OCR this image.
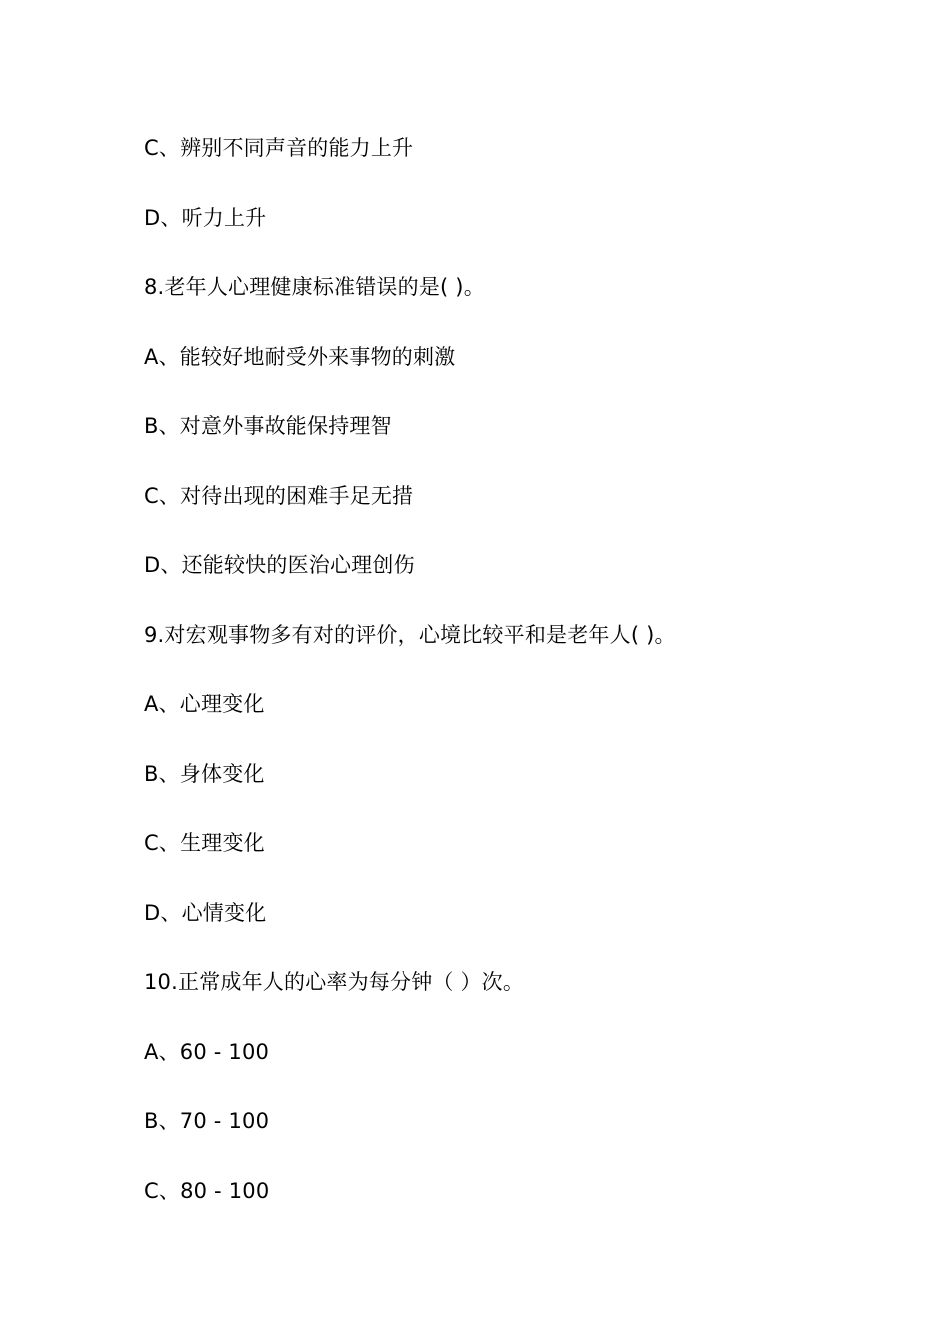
C、辨别不同声音的能力上升
D、听力上升
8.老年人心理健康标准错误的是( )。
A、能较好地耐受外来事物的刺激
B、对意外事故能保持理智
C、对待出现的困难手足无措
D、还能较快的医治心理创伤
9.对宏观事物多有对的评价，心境比较平和是老年人( )。
A、心理变化
B、身体变化
C、生理变化
D、心情变化
10.正常成年人的心率为每分钟（ ）次。
A、60 - 100
B、70 - 100
C、80 - 100
